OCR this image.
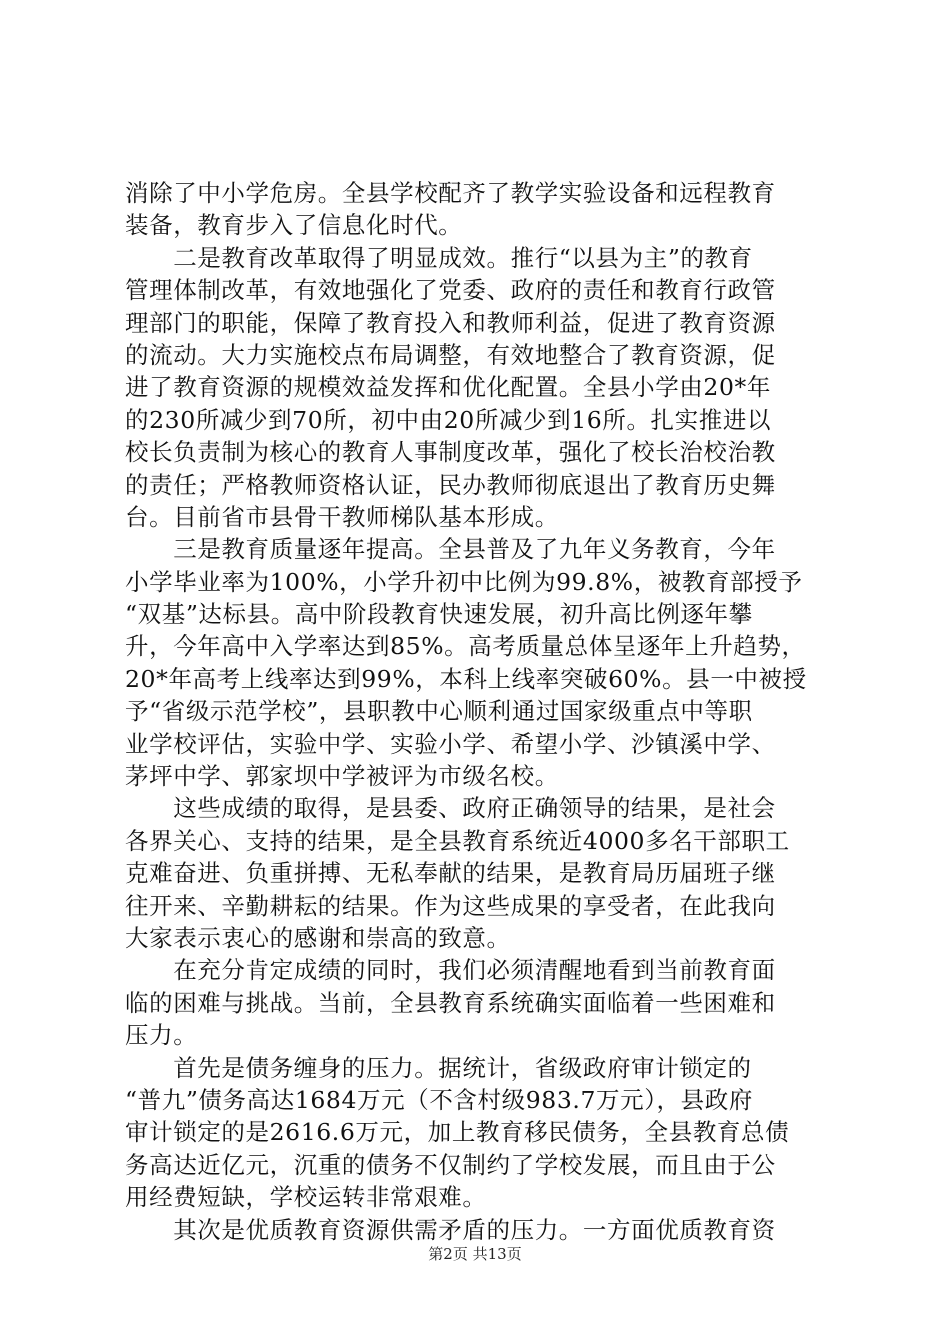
消除了中小学危房。全县学校配齐了教学实验设备和远程教育
装备，教育步入了信息化时代。
　　二是教育改革取得了明显成效。推行“以县为主”的教育
管理体制改革，有效地强化了党委、政府的责任和教育行政管
理部门的职能，保障了教育投入和教师利益，促进了教育资源
的流动。大力实施校点布局调整，有效地整合了教育资源，促
进了教育资源的规模效益发挥和优化配置。全县小学由20*年
的230所减少到70所，初中由20所减少到16所。扎实推进以
校长负责制为核心的教育人事制度改革，强化了校长治校治教
的责任；严格教师资格认证，民办教师彻底退出了教育历史舞
台。目前省市县骨干教师梯队基本形成。
　　三是教育质量逐年提高。全县普及了九年义务教育，今年
小学毕业率为100%，小学升初中比例为99.8%，被教育部授予
“双基”达标县。高中阶段教育快速发展，初升高比例逐年攀
升，今年高中入学率达到85%。高考质量总体呈逐年上升趋势，
20*年高考上线率达到99%，本科上线率突破60%。县一中被授
予“省级示范学校”，县职教中心顺利通过国家级重点中等职
业学校评估，实验中学、实验小学、希望小学、沙镇溪中学、
茅坪中学、郭家坝中学被评为市级名校。
　　这些成绩的取得，是县委、政府正确领导的结果，是社会
各界关心、支持的结果，是全县教育系统近4000多名干部职工
克难奋进、负重拼搏、无私奉献的结果，是教育局历届班子继
往开来、辛勤耕耘的结果。作为这些成果的享受者，在此我向
大家表示衷心的感谢和崇高的致意。
　　在充分肯定成绩的同时，我们必须清醒地看到当前教育面
临的困难与挑战。当前，全县教育系统确实面临着一些困难和
压力。
　　首先是债务缠身的压力。据统计，省级政府审计锁定的
“普九”债务高达1684万元（不含村级983.7万元），县政府
审计锁定的是2616.6万元，加上教育移民债务，全县教育总债
务高达近亿元，沉重的债务不仅制约了学校发展，而且由于公
用经费短缺，学校运转非常艰难。
　　其次是优质教育资源供需矛盾的压力。一方面优质教育资
第2页 共13页
